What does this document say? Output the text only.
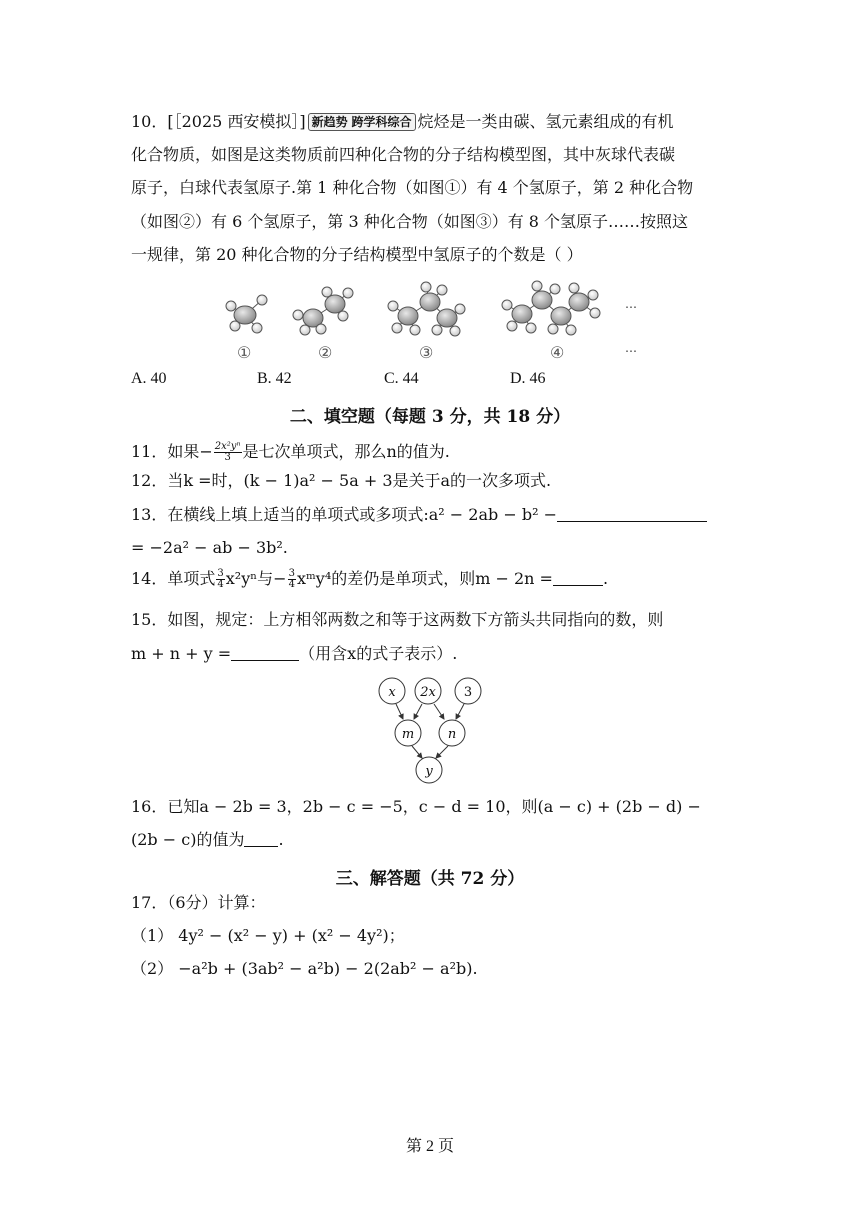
10．[［2025 西安模拟］] 新趋势 跨学科综合 烷烃是一类由碳、氢元素组成的有机
化合物质，如图是这类物质前四种化合物的分子结构模型图，其中灰球代表碳
原子，白球代表氢原子.第 1 种化合物（如图①）有 4 个氢原子，第 2 种化合物
（如图②）有 6 个氢原子，第 3 种化合物（如图③）有 8 个氢原子……按照这
一规律，第 20 种化合物的分子结构模型中氢原子的个数是（ ）
…
①	②	③	④	…
A. 40	B. 42	C. 44	D. 46
二、填空题（每题 3 分，共 18 分）
11．如果− $\frac{\text{2x²yⁿ}}{3}$ 是七次单项式，那么n的值为.
12．当k =时，(k − 1)a² − 5a + 3是关于a的一次多项式.
13．在横线上填上适当的单项式或多项式:a² − 2ab − b² −
= −2a² − ab − 3b².
14．单项式 $\frac{3}{4} x^2y^n$与− $\frac{3}{4}$ xᵐy⁴的差仍是单项式，则m − 2n =	.
15．如图，规定：上方相邻两数之和等于这两数下方箭头共同指向的数，则
m + n + y =	（用含x的式子表示）.
x 2x 3
m	n
y
16．已知a − 2b = 3，2b − c = −5，c − d = 10，则(a − c) + (2b − d) −
(2b − c)的值为 .
三、解答题（共 72 分）
17．（6分）计算：
（1） 4y² − (x² − y) + (x² − 4y²)；
（2） −a²b + (3ab² − a²b) − 2(2ab² − a²b).
第 2 页
